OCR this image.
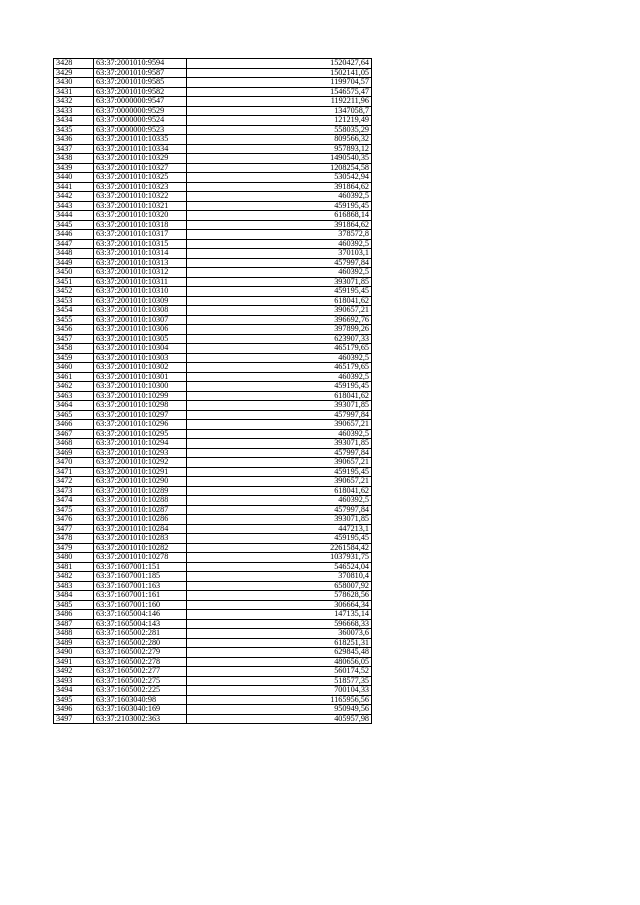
3428	63:37:2001010:9594	1520427,64
3429	63:37:2001010:9587	1502141,05
3430	63:37:2001010:9585	1199704,57
3431	63:37:2001010:9582	1546575,47
3432	63:37:0000000:9547	1192211,96
3433	63:37:0000000:9529	1347058,7
3434	63:37:0000000:9524	121219,49
3435	63:37:0000000:9523	558035,29
3436	63:37:2001010:10335	809566,32
3437	63:37:2001010:10334	957893,12
3438	63:37:2001010:10329	1490540,35
3439	63:37:2001010:10327	1208254,58
3440	63:37:2001010:10325	530542,94
3441	63:37:2001010:10323	391864,62
3442	63:37:2001010:10322	460392,5
3443	63:37:2001010:10321	459195,45
3444	63:37:2001010:10320	616868,14
3445	63:37:2001010:10318	391864,62
3446	63:37:2001010:10317	378572,8
3447	63:37:2001010:10315	460392,5
3448	63:37:2001010:10314	370103,1
3449	63:37:2001010:10313	457997,84
3450	63:37:2001010:10312	460392,5
3451	63:37:2001010:10311	393071,85
3452	63:37:2001010:10310	459195,45
3453	63:37:2001010:10309	618041,62
3454	63:37:2001010:10308	390657,21
3455	63:37:2001010:10307	396692,76
3456	63:37:2001010:10306	397899,26
3457	63:37:2001010:10305	623907,33
3458	63:37:2001010:10304	465179,65
3459	63:37:2001010:10303	460392,5
3460	63:37:2001010:10302	465179,65
3461	63:37:2001010:10301	460392,5
3462	63:37:2001010:10300	459195,45
3463	63:37:2001010:10299	618041,62
3464	63:37:2001010:10298	393071,85
3465	63:37:2001010:10297	457997,84
3466	63:37:2001010:10296	390657,21
3467	63:37:2001010:10295	460392,5
3468	63:37:2001010:10294	393071,85
3469	63:37:2001010:10293	457997,84
3470	63:37:2001010:10292	390657,21
3471	63:37:2001010:10291	459195,45
3472	63:37:2001010:10290	390657,21
3473	63:37:2001010:10289	618041,62
3474	63:37:2001010:10288	460392,5
3475	63:37:2001010:10287	457997,84
3476	63:37:2001010:10286	393071,85
3477	63:37:2001010:10284	447213,1
3478	63:37:2001010:10283	459195,45
3479	63:37:2001010:10282	2261584,42
3480	63:37:2001010:10278	1037931,75
3481	63:37:1607001:151	546524,04
3482	63:37:1607001:185	370810,4
3483	63:37:1607001:163	658007,92
3484	63:37:1607001:161	578628,56
3485	63:37:1607001:160	306664,34
3486	63:37:1605004:146	147135,14
3487	63:37:1605004:143	596668,33
3488	63:37:1605002:281	360073,6
3489	63:37:1605002:280	618251,31
3490	63:37:1605002:279	629845,48
3491	63:37:1605002:278	480656,05
3492	63:37:1605002:277	560174,52
3493	63:37:1605002:275	518577,35
3494	63:37:1605002:225	700104,33
3495	63:37:1603040:98	1165956,56
3496	63:37:1603040:169	950949,56
3497	63:37:2103002:363	405957,98
